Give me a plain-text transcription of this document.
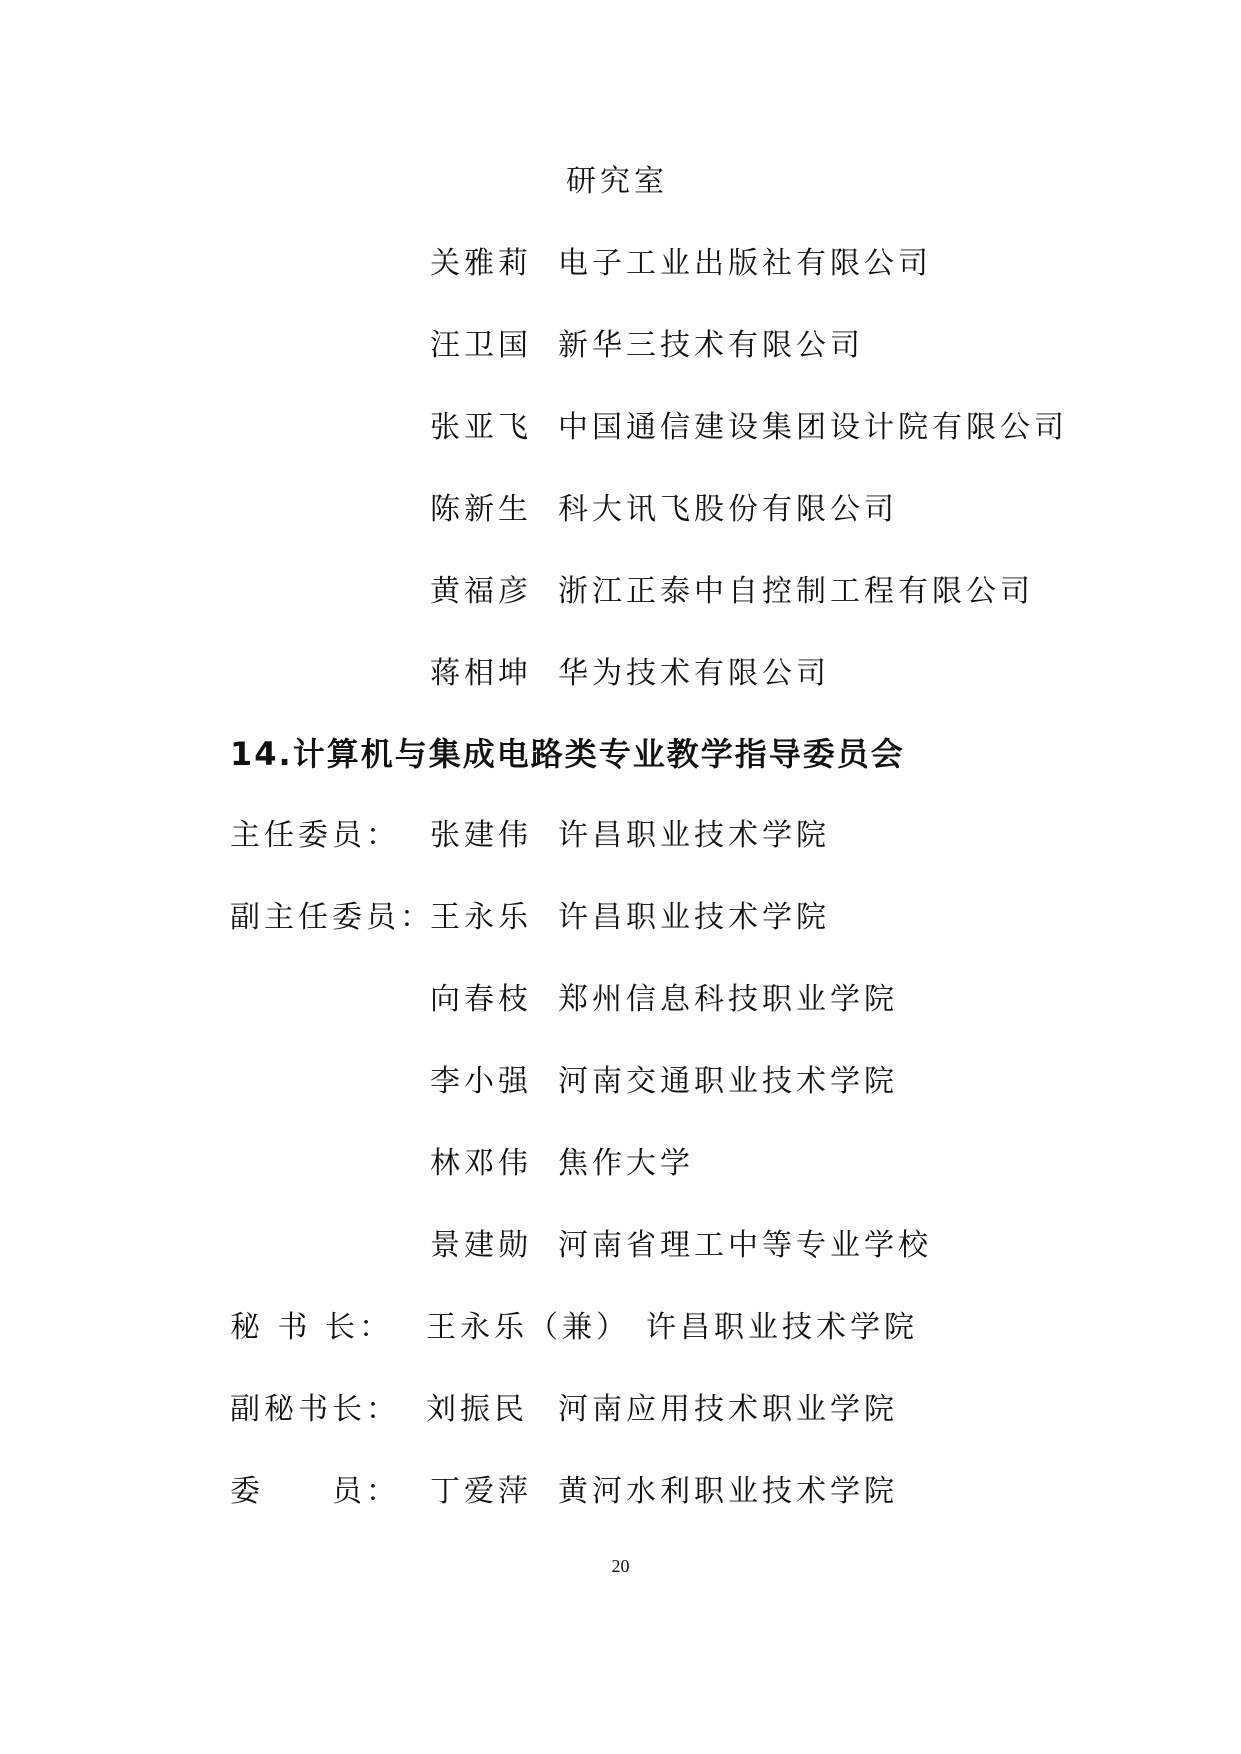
研究室
关雅莉 电子工业出版社有限公司
汪卫国 新华三技术有限公司
张亚飞 中国通信建设集团设计院有限公司
陈新生 科大讯飞股份有限公司
黄福彦 浙江正泰中自控制工程有限公司
蒋相坤 华为技术有限公司
14.计算机与集成电路类专业教学指导委员会
主任委员： 张建伟 许昌职业技术学院
副主任委员：
王永乐 许昌职业技术学院
向春枝 郑州信息科技职业学院
李小强 河南交通职业技术学院
林邓伟 焦作大学
景建勋 河南省理工中等专业学校
秘 书 长： 王永乐（兼） 许昌职业技术学院
副秘书长： 刘振民 河南应用技术职业学院
委　　员： 丁爱萍 黄河水利职业技术学院
20
